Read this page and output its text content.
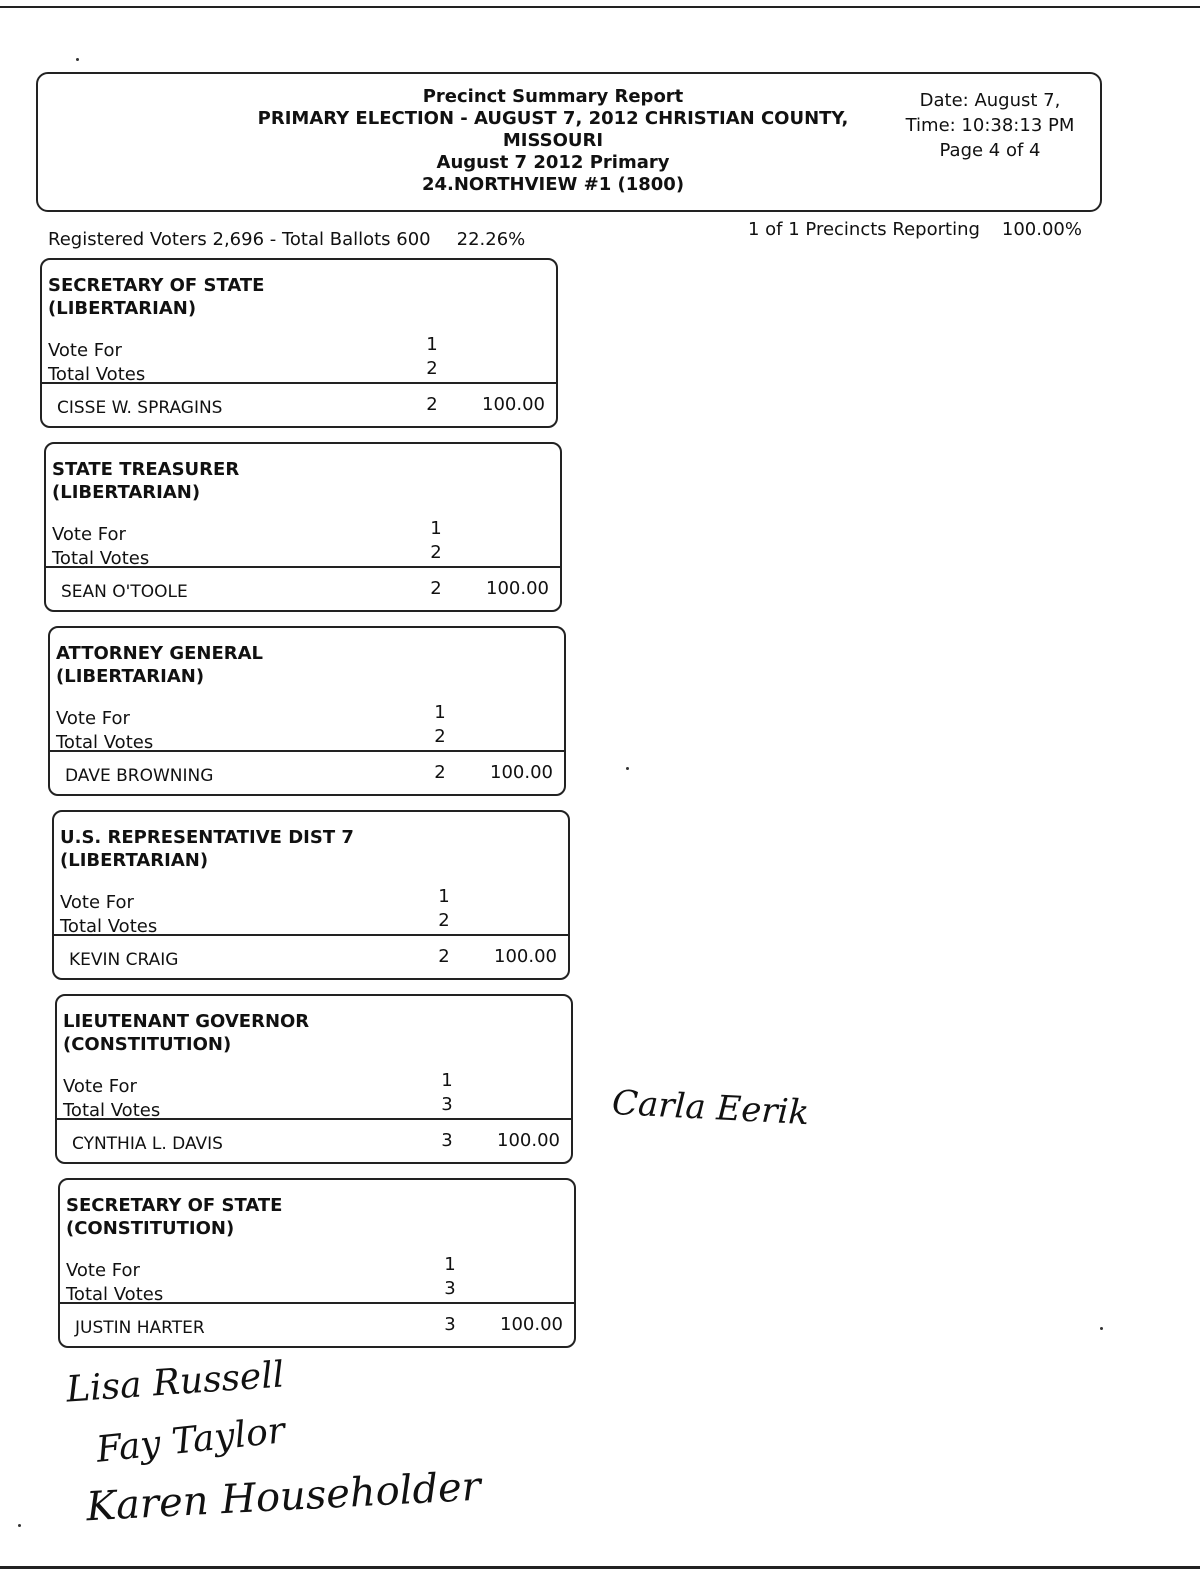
Precinct Summary Report
PRIMARY ELECTION - AUGUST 7, 2012 CHRISTIAN COUNTY,
MISSOURI
August 7 2012 Primary
24.NORTHVIEW #1 (1800)
Date: August 7,
Time: 10:38:13 PM
Page 4 of 4
Registered Voters 2,696 - Total Ballots 600 22.26%	1 of 1 Precincts Reporting 100.00%
SECRETARY OF STATE
(LIBERTARIAN)
Vote For	1
Total Votes	2
CISSE W. SPRAGINS	2 100.00
STATE TREASURER
(LIBERTARIAN)
Vote For	1
Total Votes	2
SEAN O'TOOLE	2 100.00
ATTORNEY GENERAL
(LIBERTARIAN)
Vote For	1
Total Votes	2
DAVE BROWNING	2 100.00
U.S. REPRESENTATIVE DIST 7
(LIBERTARIAN)
Vote For	1
Total Votes	2
KEVIN CRAIG	2 100.00
LIEUTENANT GOVERNOR
(CONSTITUTION)
Vote For	1
Total Votes	3
CYNTHIA L. DAVIS	3 100.00
SECRETARY OF STATE
(CONSTITUTION)
Vote For	1
Total Votes	3
JUSTIN HARTER	3 100.00
Carla Eerik
Lisa Russell
Fay Taylor
Karen Householder
